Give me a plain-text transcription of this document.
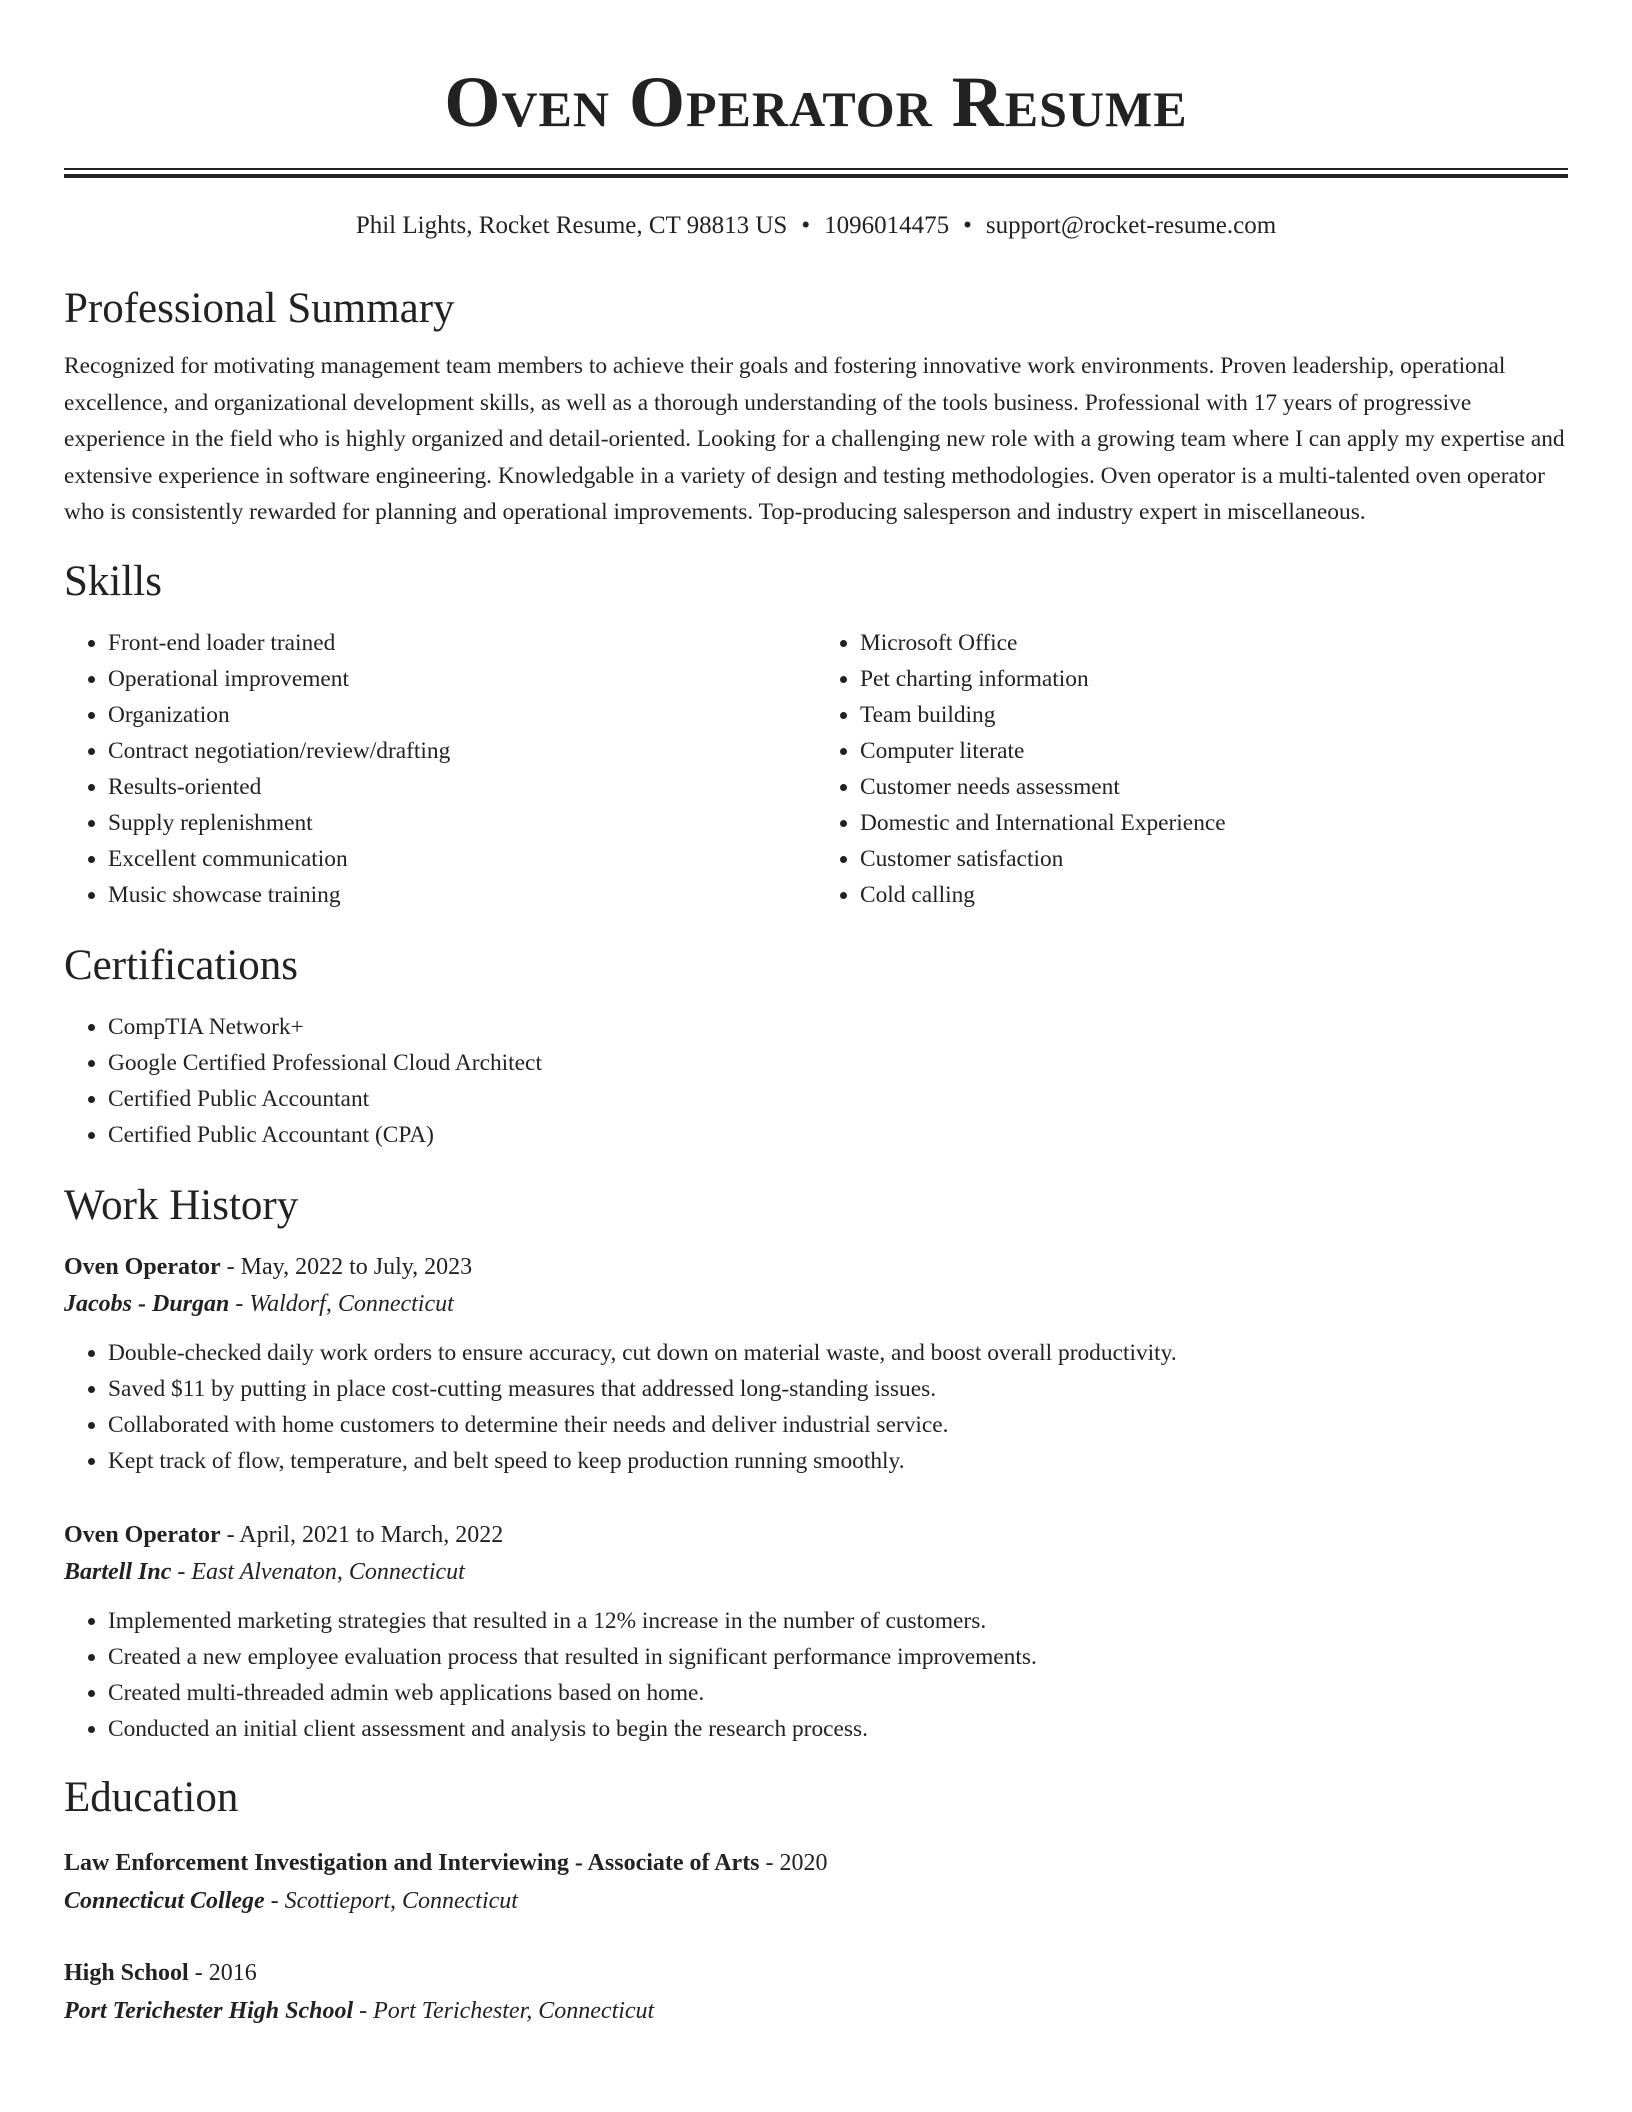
Oven Operator Resume
Phil Lights, Rocket Resume, CT 98813 US • 1096014475 • support@rocket-resume.com
Professional Summary
Recognized for motivating management team members to achieve their goals and fostering innovative work environments. Proven leadership, operational excellence, and organizational development skills, as well as a thorough understanding of the tools business. Professional with 17 years of progressive experience in the field who is highly organized and detail-oriented. Looking for a challenging new role with a growing team where I can apply my expertise and extensive experience in software engineering. Knowledgable in a variety of design and testing methodologies. Oven operator is a multi-talented oven operator who is consistently rewarded for planning and operational improvements. Top-producing salesperson and industry expert in miscellaneous.
Skills
• Front-end loader trained
• Operational improvement
• Organization
• Contract negotiation/review/drafting
• Results-oriented
• Supply replenishment
• Excellent communication
• Music showcase training
• Microsoft Office
• Pet charting information
• Team building
• Computer literate
• Customer needs assessment
• Domestic and International Experience
• Customer satisfaction
• Cold calling
Certifications
• CompTIA Network+
• Google Certified Professional Cloud Architect
• Certified Public Accountant
• Certified Public Accountant (CPA)
Work History
Oven Operator - May, 2022 to July, 2023
Jacobs - Durgan - Waldorf, Connecticut
• Double-checked daily work orders to ensure accuracy, cut down on material waste, and boost overall productivity.
• Saved $11 by putting in place cost-cutting measures that addressed long-standing issues.
• Collaborated with home customers to determine their needs and deliver industrial service.
• Kept track of flow, temperature, and belt speed to keep production running smoothly.
Oven Operator - April, 2021 to March, 2022
Bartell Inc - East Alvenaton, Connecticut
• Implemented marketing strategies that resulted in a 12% increase in the number of customers.
• Created a new employee evaluation process that resulted in significant performance improvements.
• Created multi-threaded admin web applications based on home.
• Conducted an initial client assessment and analysis to begin the research process.
Education
Law Enforcement Investigation and Interviewing - Associate of Arts - 2020
Connecticut College - Scottieport, Connecticut
High School - 2016
Port Terichester High School - Port Terichester, Connecticut
